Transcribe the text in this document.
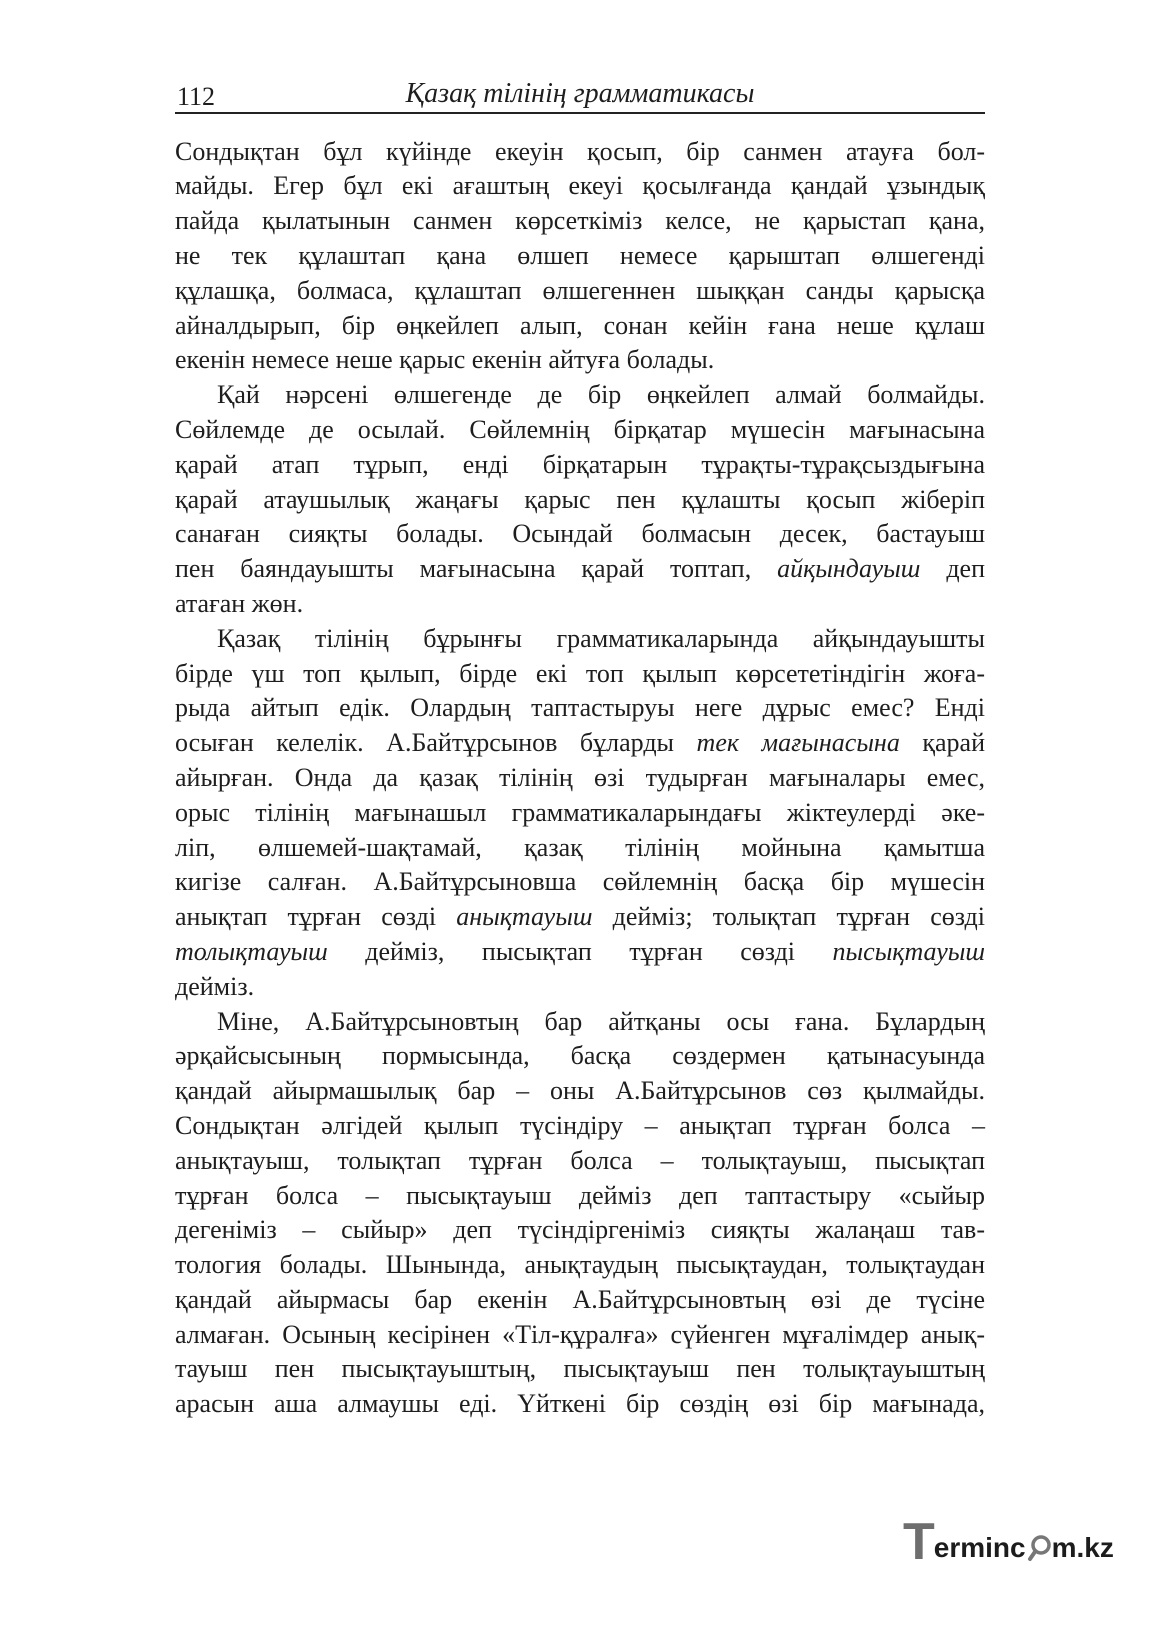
112	Қазақ тілінің грамматикасы
Сондықтан бұл күйінде екеуін қосып, бір санмен атауға бол-
майды. Егер бұл екі ағаштың екеуі қосылғанда қандай ұзындық
пайда қылатынын санмен көрсеткіміз келсе, не қарыстап қана,
не тек құлаштап қана өлшеп немесе қарыштап өлшегенді
құлашқа, болмаса, құлаштап өлшегеннен шыққан санды қарысқа
айналдырып, бір өңкейлеп алып, сонан кейін ғана неше құлаш
екенін немесе неше қарыс екенін айтуға болады.
Қай нәрсені өлшегенде де бір өңкейлеп алмай болмайды.
Сөйлемде де осылай. Сөйлемнің бірқатар мүшесін мағынасына
қарай атап тұрып, енді бірқатарын тұрақты-тұрақсыздығына
қарай атаушылық жаңағы қарыс пен құлашты қосып жіберіп
санаған сияқты болады. Осындай болмасын десек, бастауыш
пен баяндауышты мағынасына қарай топтап, айқындауыш деп
атаған жөн.
Қазақ тілінің бұрынғы грамматикаларында айқындауышты
бірде үш топ қылып, бірде екі топ қылып көрсететіндігін жоға-
рыда айтып едік. Олардың таптастыруы неге дұрыс емес? Енді
осыған келелік. А.Байтұрсынов бұларды тек мағынасына қарай
айырған. Онда да қазақ тілінің өзі тудырған мағыналары емес,
орыс тілінің мағынашыл грамматикаларындағы жіктеулерді әке-
ліп, өлшемей-шақтамай, қазақ тілінің мойнына қамытша
кигізе салған. А.Байтұрсыновша сөйлемнің басқа бір мүшесін
анықтап тұрған сөзді анықтауыш дейміз; толықтап тұрған сөзді
толықтауыш дейміз, пысықтап тұрған сөзді пысықтауыш
дейміз.
Міне, А.Байтұрсыновтың бар айтқаны осы ғана. Бұлардың
әрқайсысының пормысында, басқа сөздермен қатынасуында
қандай айырмашылық бар – оны А.Байтұрсынов сөз қылмайды.
Сондықтан әлгідей қылып түсіндіру – анықтап тұрған болса –
анықтауыш, толықтап тұрған болса – толықтауыш, пысықтап
тұрған болса – пысықтауыш дейміз деп таптастыру «сыйыр
дегеніміз – сыйыр» деп түсіндіргеніміз сияқты жалаңаш тав-
тология болады. Шынында, анықтаудың пысықтаудан, толықтаудан
қандай айырмасы бар екенін А.Байтұрсыновтың өзі де түсіне
алмаған. Осының кесірінен «Тіл-құралға» сүйенген мұғалімдер анық-
тауыш пен пысықтауыштың, пысықтауыш пен толықтауыштың
арасын аша алмаушы еді. Үйткені бір сөздің өзі бір мағынада,
T erminc m.kz
